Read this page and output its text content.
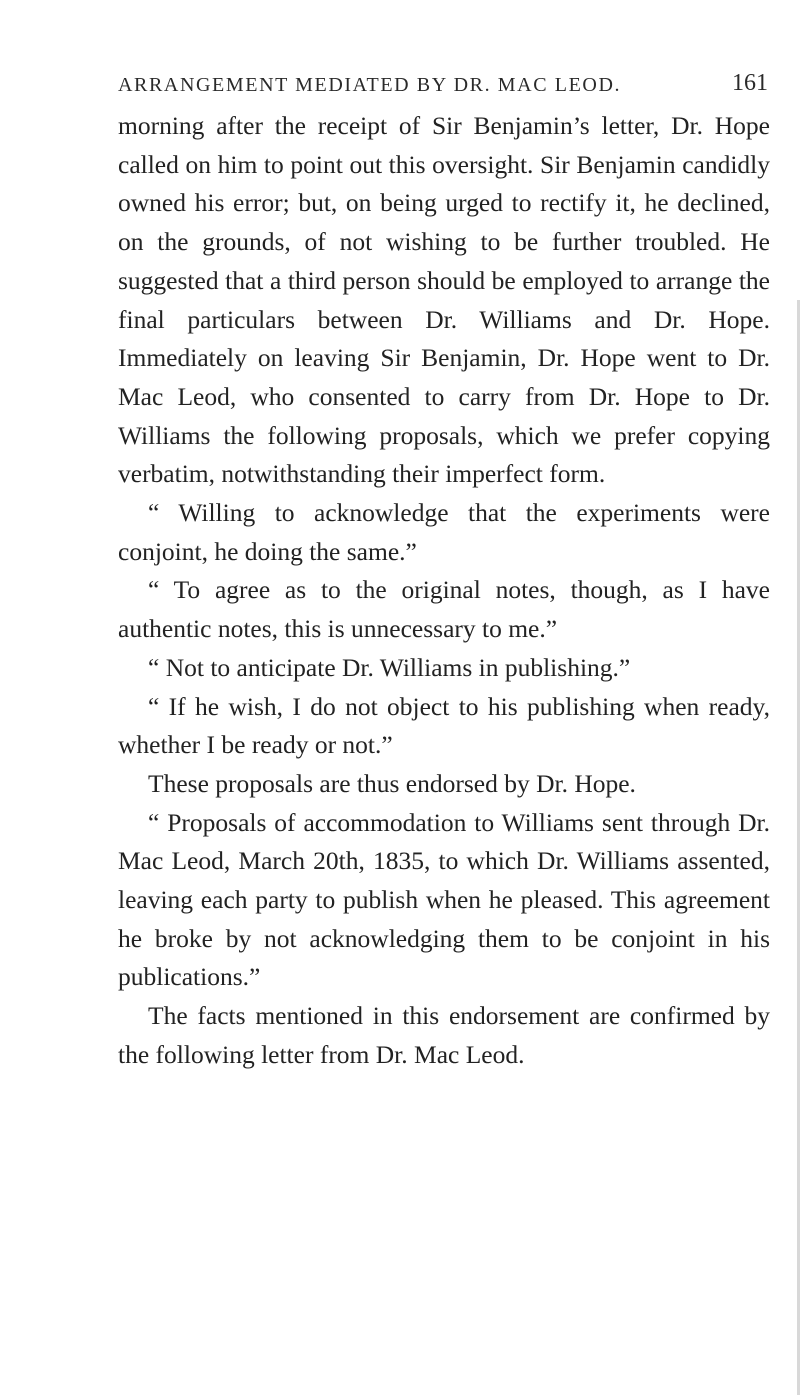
ARRANGEMENT MEDIATED BY DR. MAC LEOD.	161

morning after the receipt of Sir Benjamin’s letter, Dr. Hope called on him to point out this oversight. Sir Benjamin candidly owned his error; but, on being urged to rectify it, he declined, on the grounds, of not wishing to be further troubled. He suggested that a third person should be employed to arrange the final particulars between Dr. Williams and Dr. Hope. Immediately on leaving Sir Benjamin, Dr. Hope went to Dr. Mac Leod, who consented to carry from Dr. Hope to Dr. Williams the following proposals, which we prefer copying verbatim, notwithstanding their imperfect form.

“ Willing to acknowledge that the experiments were conjoint, he doing the same.”

“ To agree as to the original notes, though, as I have authentic notes, this is unnecessary to me.”

“ Not to anticipate Dr. Williams in publishing.”

“ If he wish, I do not object to his publishing when ready, whether I be ready or not.”

These proposals are thus endorsed by Dr. Hope.

“ Proposals of accommodation to Williams sent through Dr. Mac Leod, March 20th, 1835, to which Dr. Williams assented, leaving each party to publish when he pleased. This agreement he broke by not acknowledging them to be conjoint in his publications.”

The facts mentioned in this endorsement are confirmed by the following letter from Dr. Mac Leod.
